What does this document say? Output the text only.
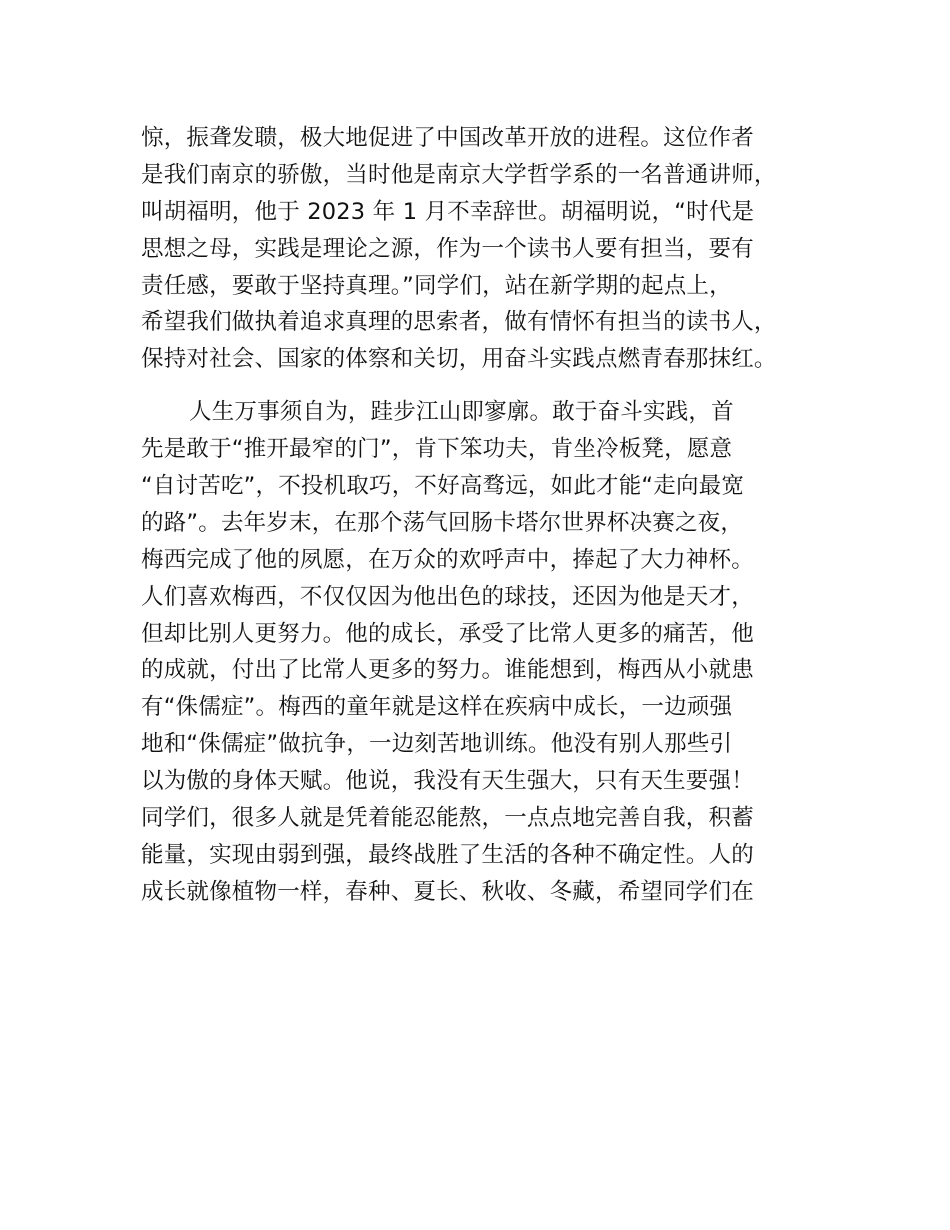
惊，振聋发聩，极大地促进了中国改革开放的进程。这位作者
是我们南京的骄傲，当时他是南京大学哲学系的一名普通讲师，
叫胡福明，他于 2023 年 1 月不幸辞世。胡福明说，“时代是
思想之母，实践是理论之源，作为一个读书人要有担当，要有
责任感，要敢于坚持真理。”同学们，站在新学期的起点上，
希望我们做执着追求真理的思索者，做有情怀有担当的读书人，
保持对社会、国家的体察和关切，用奋斗实践点燃青春那抹红。
人生万事须自为，跬步江山即寥廓。敢于奋斗实践，首
先是敢于“推开最窄的门”，肯下笨功夫，肯坐冷板凳，愿意
“自讨苦吃”，不投机取巧，不好高骛远，如此才能“走向最宽
的路”。去年岁末，在那个荡气回肠卡塔尔世界杯决赛之夜，
梅西完成了他的夙愿，在万众的欢呼声中，捧起了大力神杯。
人们喜欢梅西，不仅仅因为他出色的球技，还因为他是天才，
但却比别人更努力。他的成长，承受了比常人更多的痛苦，他
的成就，付出了比常人更多的努力。谁能想到，梅西从小就患
有“侏儒症”。梅西的童年就是这样在疾病中成长，一边顽强
地和“侏儒症”做抗争，一边刻苦地训练。他没有别人那些引
以为傲的身体天赋。他说，我没有天生强大，只有天生要强！
同学们，很多人就是凭着能忍能熬，一点点地完善自我，积蓄
能量，实现由弱到强，最终战胜了生活的各种不确定性。人的
成长就像植物一样，春种、夏长、秋收、冬藏，希望同学们在
